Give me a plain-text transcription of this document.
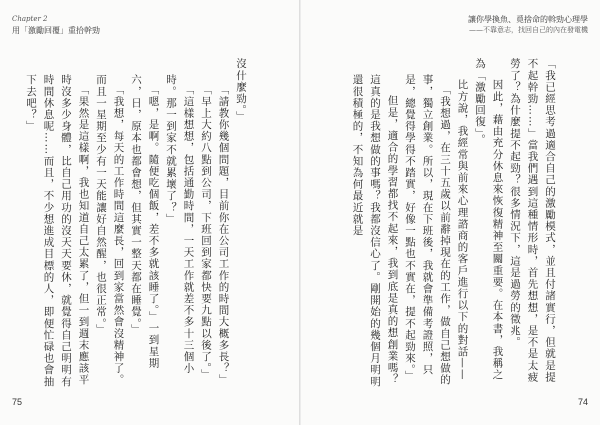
Chapter 2
用「激勵回覆」重拾幹勁

沒什麼勁。」

「請教你幾個問題，目前你在公司工作的時間大概多長？」

「早上大約八點到公司，下班回到家都快要九點以後了。」

「這樣想想，包括通勤時間，一天工作就差不多十三個小時。那一到家不就累壞了？」

「嗯，是啊。隨便吃個飯，差不多就該睡了。」一到星期六，日，原本也都會想，但其實一整天都在睡覺。」

「我想，每天的工作時間這麼長，回到家當然會沒精神了。而且一星期至少有一天能讓好自然醒，也很正常。」

「果然是這樣啊，我也知道自己太累了，但一到週末應該平時沒多少身體，比自己用功的沒天天要休，就覺得自己明明有時間休息呢……而且，不少想進成目標的人，即便忙碌也會抽下去吧？」

75
讓你學換魚、覓捨命的斡勁心理學
——不靠意志，找回自己的內在發電機

「我已經思考過適合自己的激勵模式，並且付諸實行，但就是提不起幹勁……」當我們遇到這種情形時，首先想想，是不是太疲勞了？為什麼提不起勁？很多情況下，這是過勞的徵兆。

因此，藉由充分休息來恢復精神至關重要。在本書，我稱之為「激勵回復」。

比方說，我經常與前來心理諮商的客戶進行以下的對話——

「我想過，在三十五歲以前辭掉現在的工作，做自己想做的事，獨立創業。所以，現在下班後，我就會準備考證照，只是，總覺得學得不踏實，好像一點也不實在，提不起勁來。」

但是，適合的學習都找不起來，我到底是真的想創業嗎？這真的是我想做的事嗎？我都沒信心了。剛開始的幾個月明明還很積極的，不知為何最近就是

74
